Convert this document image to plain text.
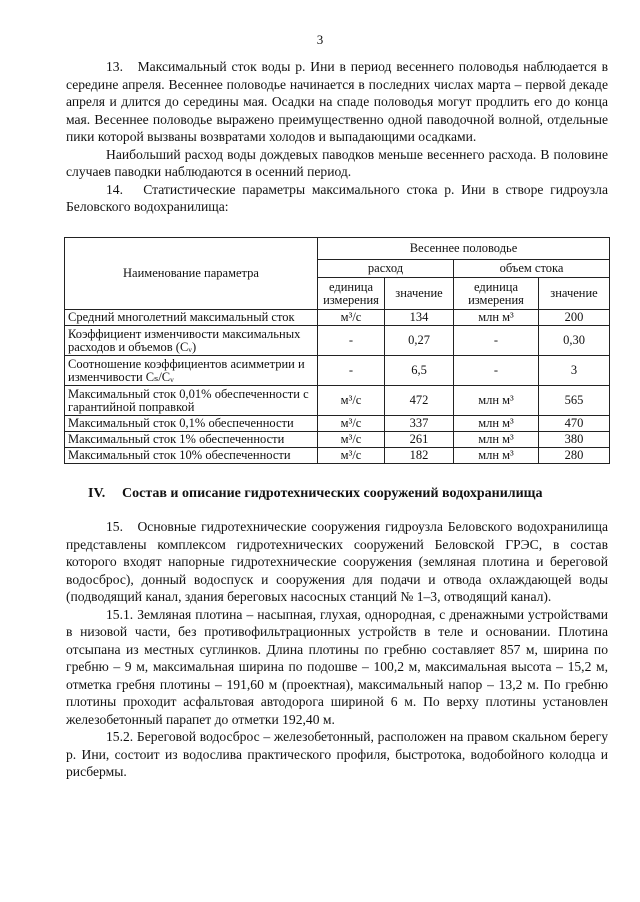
3

13.   Максимальный сток воды р. Ини в период весеннего половодья наблюдается в середине апреля. Весеннее половодье начинается в последних числах марта – первой декаде апреля и длится до середины мая. Осадки на спаде половодья могут продлить его до конца мая. Весеннее половодье выражено преимущественно одной паводочной волной, отдельные пики которой вызваны возвратами холодов и выпадающими осадками.

Наибольший расход воды дождевых паводков меньше весеннего расхода. В половине случаев паводки наблюдаются в осенний период.

14.   Статистические параметры максимального стока р. Ини в створе гидроузла Беловского водохранилища:

Наименование параметра	Весеннее половодье			
	расход		объем стока	
	единица измерения	значение	единица измерения	значение
Средний многолетний максимальный сток	м³/с	134	млн м³	200
Коэффициент изменчивости максимальных расходов и объемов (Cᵥ)	-	0,27	-	0,30
Соотношение коэффициентов асимметрии и изменчивости Cₛ/Cᵥ	-	6,5	-	3
Максимальный сток 0,01% обеспеченности с гарантийной поправкой	м³/с	472	млн м³	565
Максимальный сток 0,1% обеспеченности	м³/с	337	млн м³	470
Максимальный сток 1% обеспеченности	м³/с	261	млн м³	380
Максимальный сток 10% обеспеченности	м³/с	182	млн м³	280
IV. Состав и описание гидротехнических сооружений водохранилища

15.   Основные гидротехнические сооружения гидроузла Беловского водохранилища представлены комплексом гидротехнических сооружений Беловской ГРЭС, в состав которого входят напорные гидротехнические сооружения (земляная плотина и береговой водосброс), донный водоспуск и сооружения для подачи и отвода охлаждающей воды (подводящий канал, здания береговых насосных станций № 1–3, отводящий канал).

15.1. Земляная плотина – насыпная, глухая, однородная, с дренажными устройствами в низовой части, без противофильтрационных устройств в теле и основании. Плотина отсыпана из местных суглинков. Длина плотины по гребню составляет 857 м, ширина по гребню – 9 м, максимальная ширина по подошве – 100,2 м, максимальная высота – 15,2 м, отметка гребня плотины – 191,60 м (проектная), максимальный напор – 13,2 м. По гребню плотины проходит асфальтовая автодорога шириной 6 м. По верху плотины установлен железобетонный парапет до отметки 192,40 м.

15.2. Береговой водосброс – железобетонный, расположен на правом скальном берегу р. Ини, состоит из водослива практического профиля, быстротока, водобойного колодца и рисбермы.
